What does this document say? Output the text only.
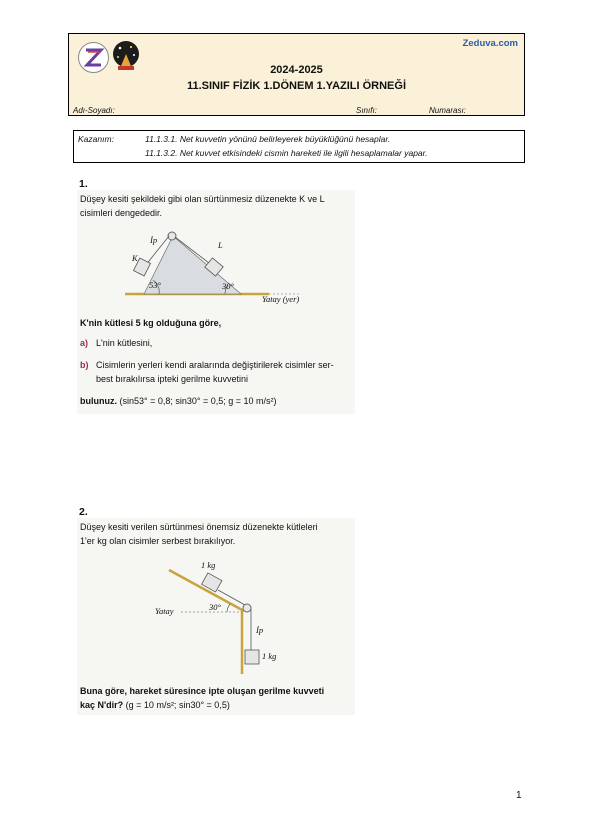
Zeduva.com
2024-2025
11.SINIF FİZİK 1.DÖNEM 1.YAZILI ÖRNEĞİ
Adı-Soyadı:	Sınıfı:	Numarası:
Kazanım:	11.1.3.1. Net kuvvetin yönünü belirleyerek büyüklüğünü hesaplar.
11.1.3.2. Net kuvvet etkisindeki cismin hareketi ile ilgili hesaplamalar yapar.
1.
Düşey kesiti şekildeki gibi olan sürtünmesiz düzenekte K ve L
cisimleri dengededir.
İp
K
L
53°	30°
Yatay (yer)
K'nin kütlesi 5 kg olduğuna göre,
a) L'nin kütlesini,
b) Cisimlerin yerleri kendi aralarında değiştirilerek cisimler ser-
best bırakılırsa ipteki gerilme kuvvetini
bulunuz. (sin53° = 0,8; sin30° = 0,5; g = 10 m/s²)
2.
Düşey kesiti verilen sürtünmesi önemsiz düzenekte kütleleri
1'er kg olan cisimler serbest bırakılıyor.
1 kg
Yatay	30°
İp
1 kg
Buna göre, hareket süresince ipte oluşan gerilme kuvveti
kaç N'dir? (g = 10 m/s²; sin30° = 0,5)
1
